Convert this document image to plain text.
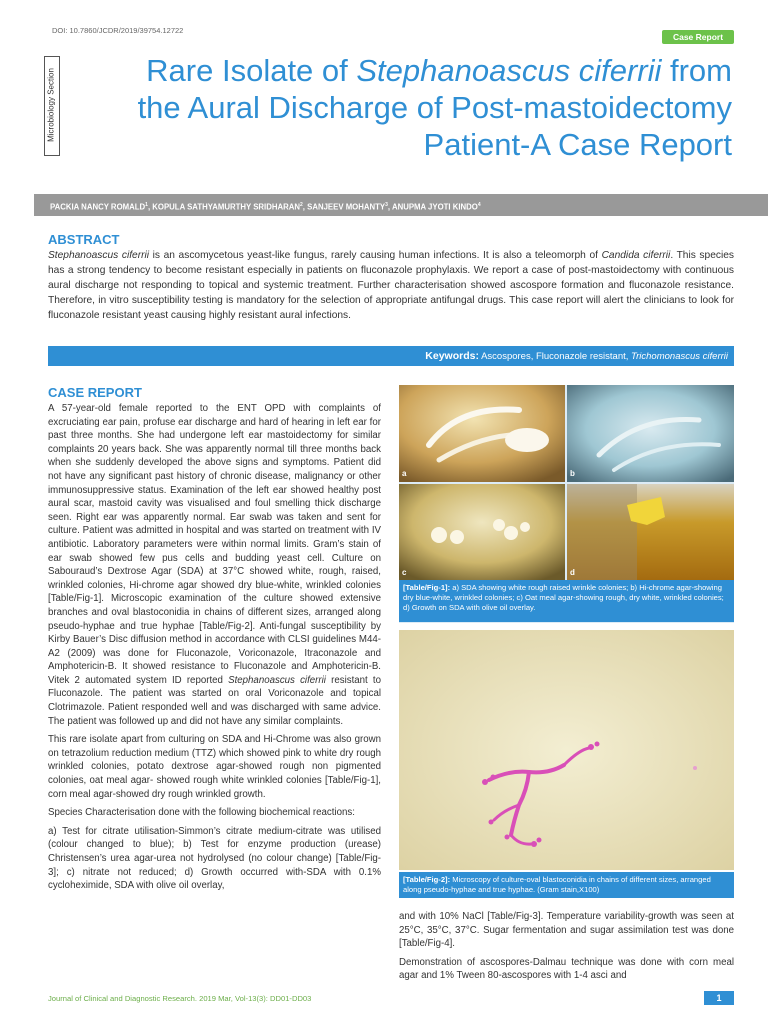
DOI: 10.7860/JCDR/2019/39754.12722
Case Report
Microbiology Section	Rare Isolate of Stephanoascus ciferrii from the Aural Discharge of Post-mastoidectomy Patient-A Case Report
PACKIA NANCY ROMALD$^1$, KOPULA SATHYAMURTHY SRIDHARAN$^2$, SANJEEV MOHANTY$^3$, ANUPMA JYOTI KINDO$^4$
ABSTRACT

Stephanoascus ciferrii is an ascomycetous yeast-like fungus, rarely causing human infections. It is also a teleomorph of Candida ciferrii. This species has a strong tendency to become resistant especially in patients on fluconazole prophylaxis. We report a case of post-mastoidectomy with continuous aural discharge not responding to topical and systemic treatment. Further characterisation showed ascospore formation and fluconazole resistance. Therefore, in vitro susceptibility testing is mandatory for the selection of appropriate antifungal drugs. This case report will alert the clinicians to look for fluconazole resistant yeast causing highly resistant aural infections.

Keywords: Ascospores, Fluconazole resistant, Trichomonascus ciferrii
CASE REPORT

A 57-year-old female reported to the ENT OPD with complaints of excruciating ear pain, profuse ear discharge and hard of hearing in left ear for past three months. She had undergone left ear mastoidectomy for similar complaints 20 years back. She was apparently normal till three months back when she suddenly developed the above signs and symptoms. Patient did not have any significant past history of chronic disease, malignancy or other immunosuppressive status. Examination of the left ear showed healthy post aural scar, mastoid cavity was visualised and foul smelling thick discharge seen. Right ear was apparently normal. Ear swab was taken and sent for culture. Patient was admitted in hospital and was started on treatment with IV antibiotic. Laboratory parameters were within normal limits. Gram’s stain of ear swab showed few pus cells and budding yeast cell. Culture on Sabouraud’s Dextrose Agar (SDA) at 37°C showed white, rough, raised, wrinkled colonies, Hi-chrome agar showed dry blue-white, wrinkled colonies [Table/Fig-1]. Microscopic examination of the culture showed extensive branches and oval blastoconidia in chains of different sizes, arranged along pseudo-hyphae and true hyphae [Table/Fig-2]. Anti-fungal susceptibility by Kirby Bauer’s Disc diffusion method in accordance with CLSI guidelines M44-A2 (2009) was done for Fluconazole, Voriconazole, Itraconazole and Amphotericin-B. It showed resistance to Fluconazole and Amphotericin-B. Vitek 2 automated system ID reported Stephanoascus ciferrii resistant to Fluconazole. The patient was started on oral Voriconazole and topical Clotrimazole. Patient responded well and was discharged with same advice. The patient was followed up and did not have any similar complaints.

This rare isolate apart from culturing on SDA and Hi-Chrome was also grown on tetrazolium reduction medium (TTZ) which showed pink to white dry rough wrinkled colonies, potato dextrose agar-showed rough non pigmented colonies, oat meal agar- showed rough white wrinkled colonies [Table/Fig-1], corn meal agar-showed dry rough wrinkled growth.

Species Characterisation done with the following biochemical reactions:

a) Test for citrate utilisation-Simmon’s citrate medium-citrate was utilised (colour changed to blue); b) Test for enzyme production (urease) Christensen’s urea agar-urea not hydrolysed (no colour change) [Table/Fig-3]; c) nitrate not reduced; d) Growth occurred with-SDA with 0.1% cycloheximide, SDA with olive oil overlay,

a	b
c	d
[Table/Fig-1]: a) SDA showing white rough raised wrinkle colonies; b) Hi-chrome agar-showing dry blue-white, wrinkled colonies; c) Oat meal agar-showing rough, dry white, wrinkled colonies; d) Growth on SDA with olive oil overlay.
[Table/Fig-2]: Microscopy of culture-oval blastoconidia in chains of different sizes, arranged along pseudo-hyphae and true hyphae. (Gram stain,X100)

and with 10% NaCl [Table/Fig-3]. Temperature variability-growth was seen at 25°C, 35°C, 37°C. Sugar fermentation and sugar assimilation test was done [Table/Fig-4].

Demonstration of ascospores-Dalmau technique was done with corn meal agar and 1% Tween 80-ascospores with 1-4 asci and

Journal of Clinical and Diagnostic Research. 2019 Mar, Vol-13(3): DD01-DD03	1
